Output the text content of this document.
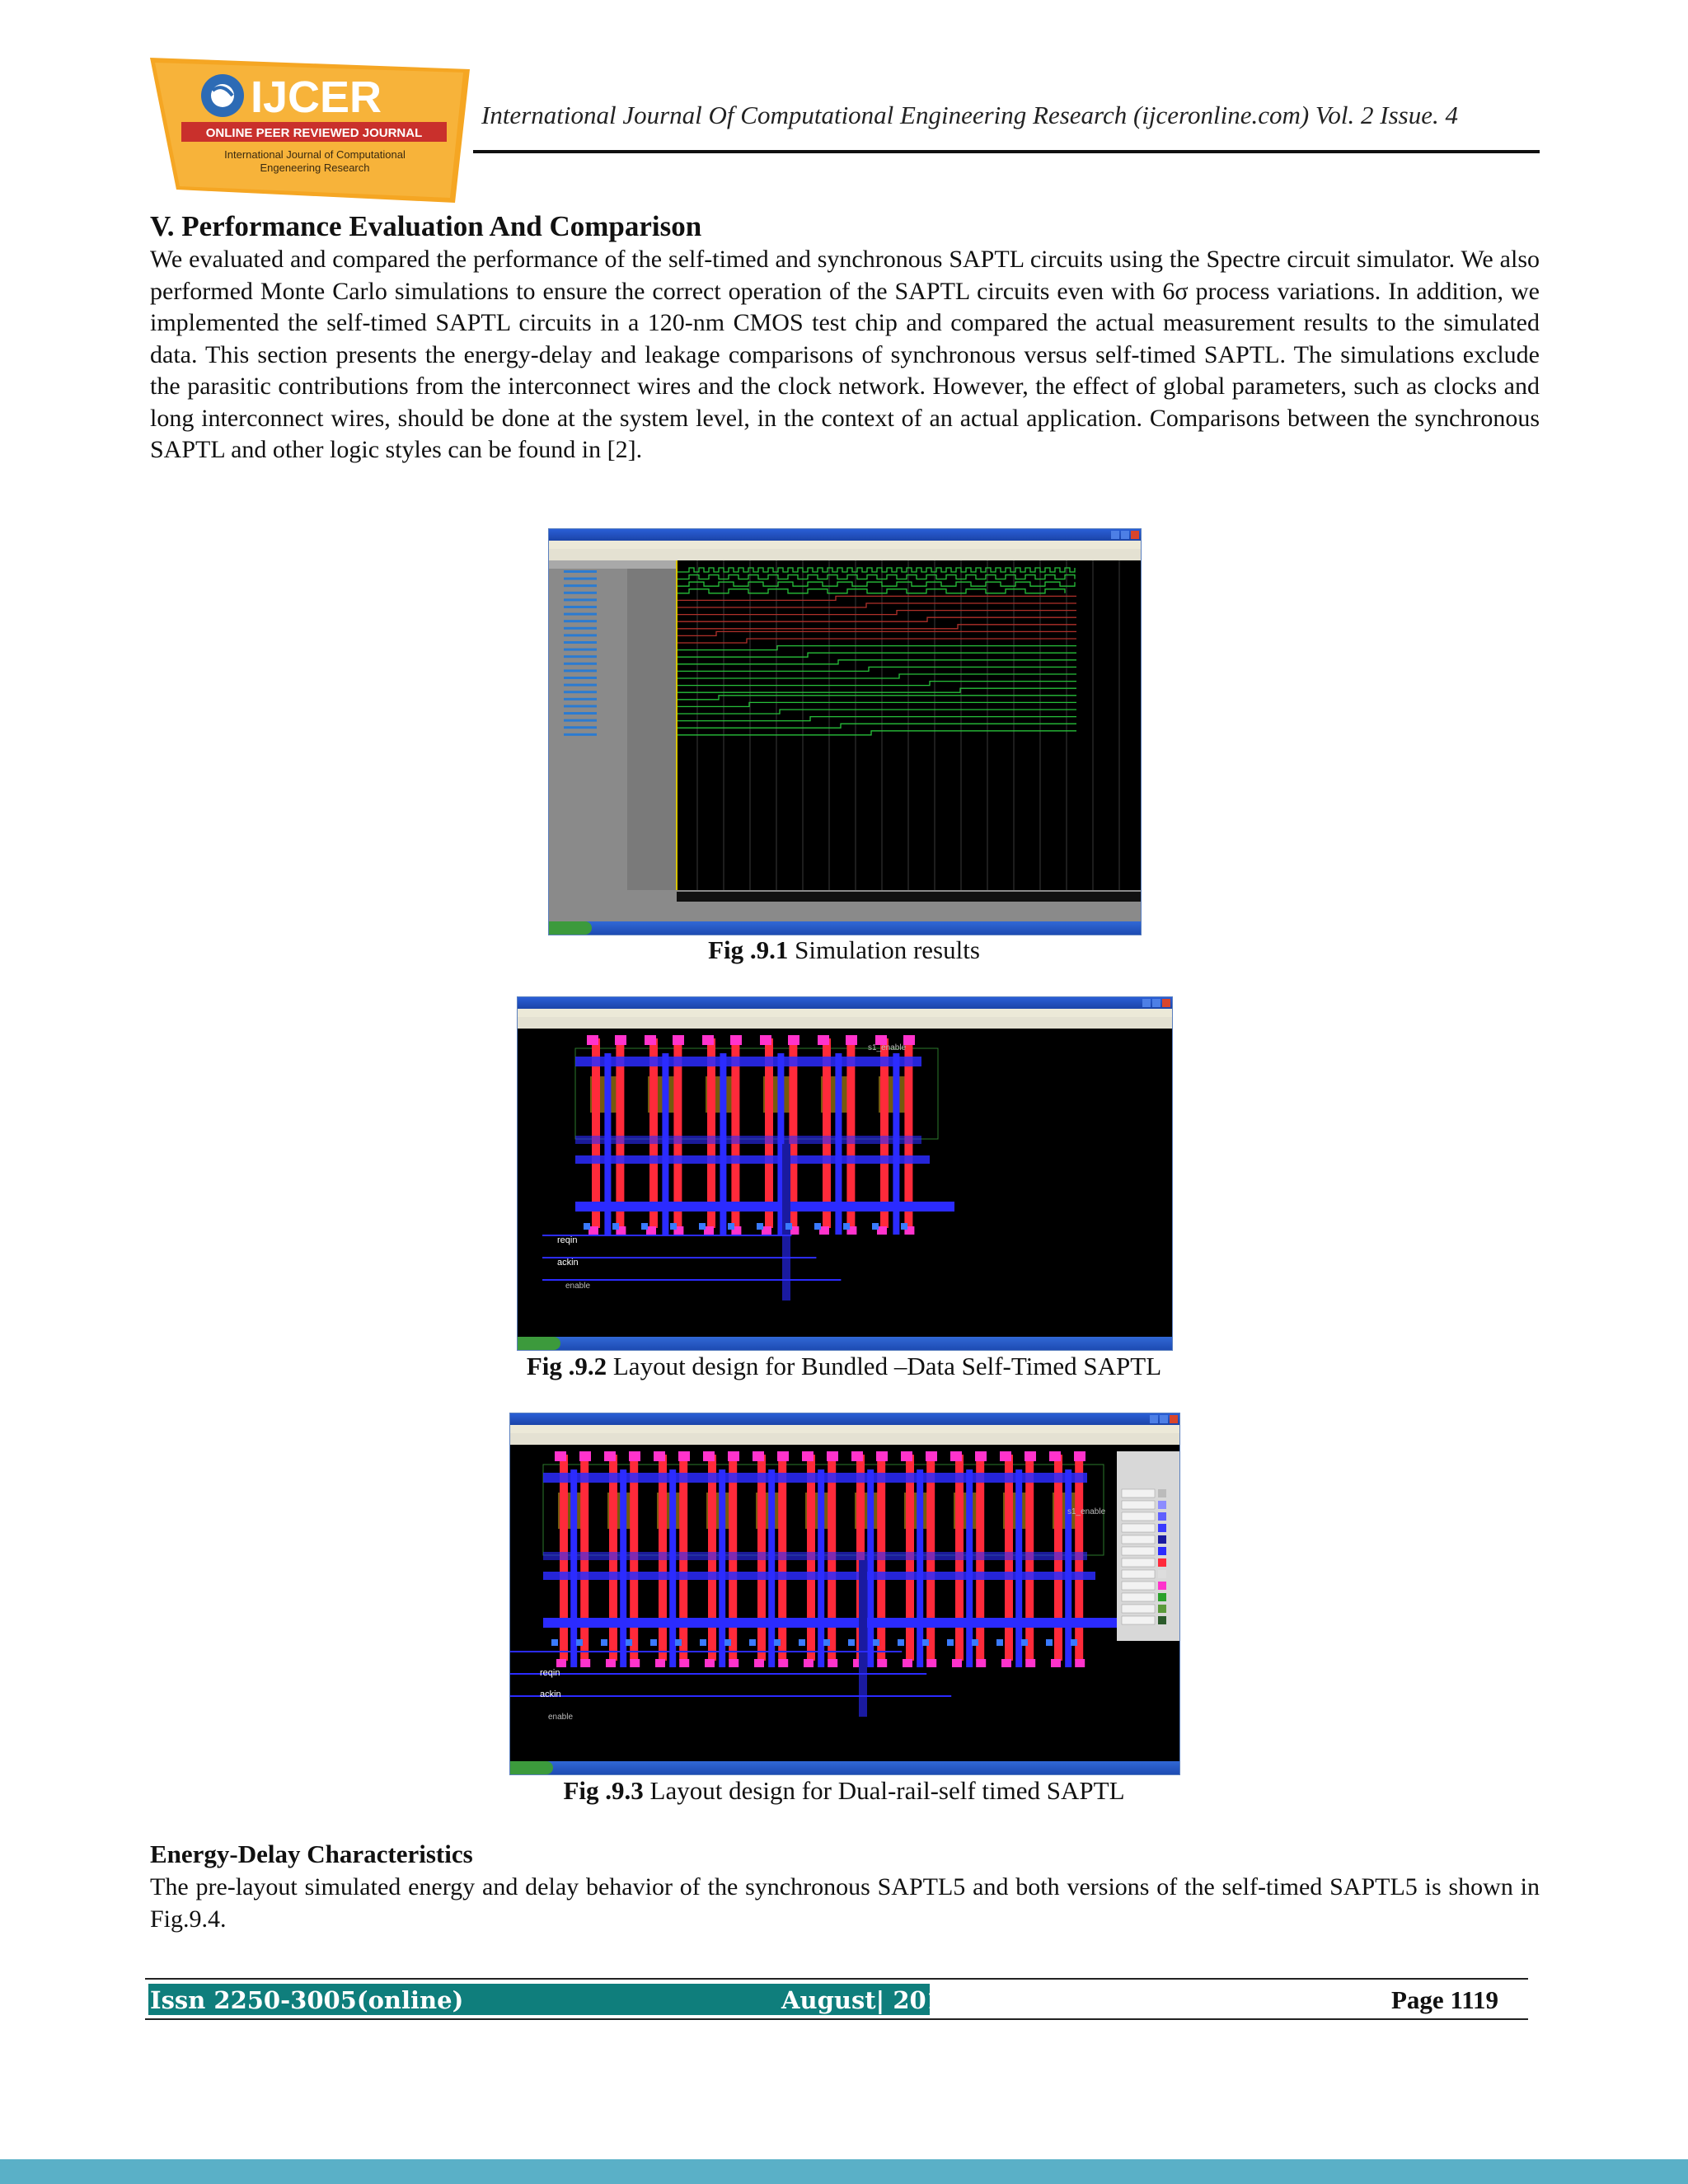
IJCER
ONLINE PEER REVIEWED JOURNAL
International Journal of Computational
Engeneering Research
International Journal Of Computational Engineering Research (ijceronline.com) Vol. 2 Issue. 4
V. Performance Evaluation And Comparison
We evaluated and compared the performance of the self-timed and synchronous SAPTL circuits using the Spectre circuit simulator. We also performed Monte Carlo simulations to ensure the correct operation of the SAPTL circuits even with 6σ process variations. In addition, we implemented the self-timed SAPTL circuits in a 120-nm CMOS test chip and compared the actual measurement results to the simulated data. This section presents the energy-delay and leakage comparisons of synchronous versus self-timed SAPTL. The simulations exclude the parasitic contributions from the interconnect wires and the clock network. However, the effect of global parameters, such as clocks and long interconnect wires, should be done at the system level, in the context of an actual application. Comparisons between the synchronous SAPTL and other logic styles can be found in [2].
Fig .9.1 Simulation results
reqin
ackin
enable
s1_enable
Fig .9.2 Layout design for Bundled –Data Self-Timed SAPTL
reqin
ackin
enable
s1_enable
Fig .9.3 Layout design for Dual-rail-self timed SAPTL
Energy-Delay Characteristics
The pre-layout simulated energy and delay behavior of the synchronous SAPTL5 and both versions of the self-timed SAPTL5 is shown in Fig.9.4.
Issn 2250-3005(online)	August| 2012	Page 1119
